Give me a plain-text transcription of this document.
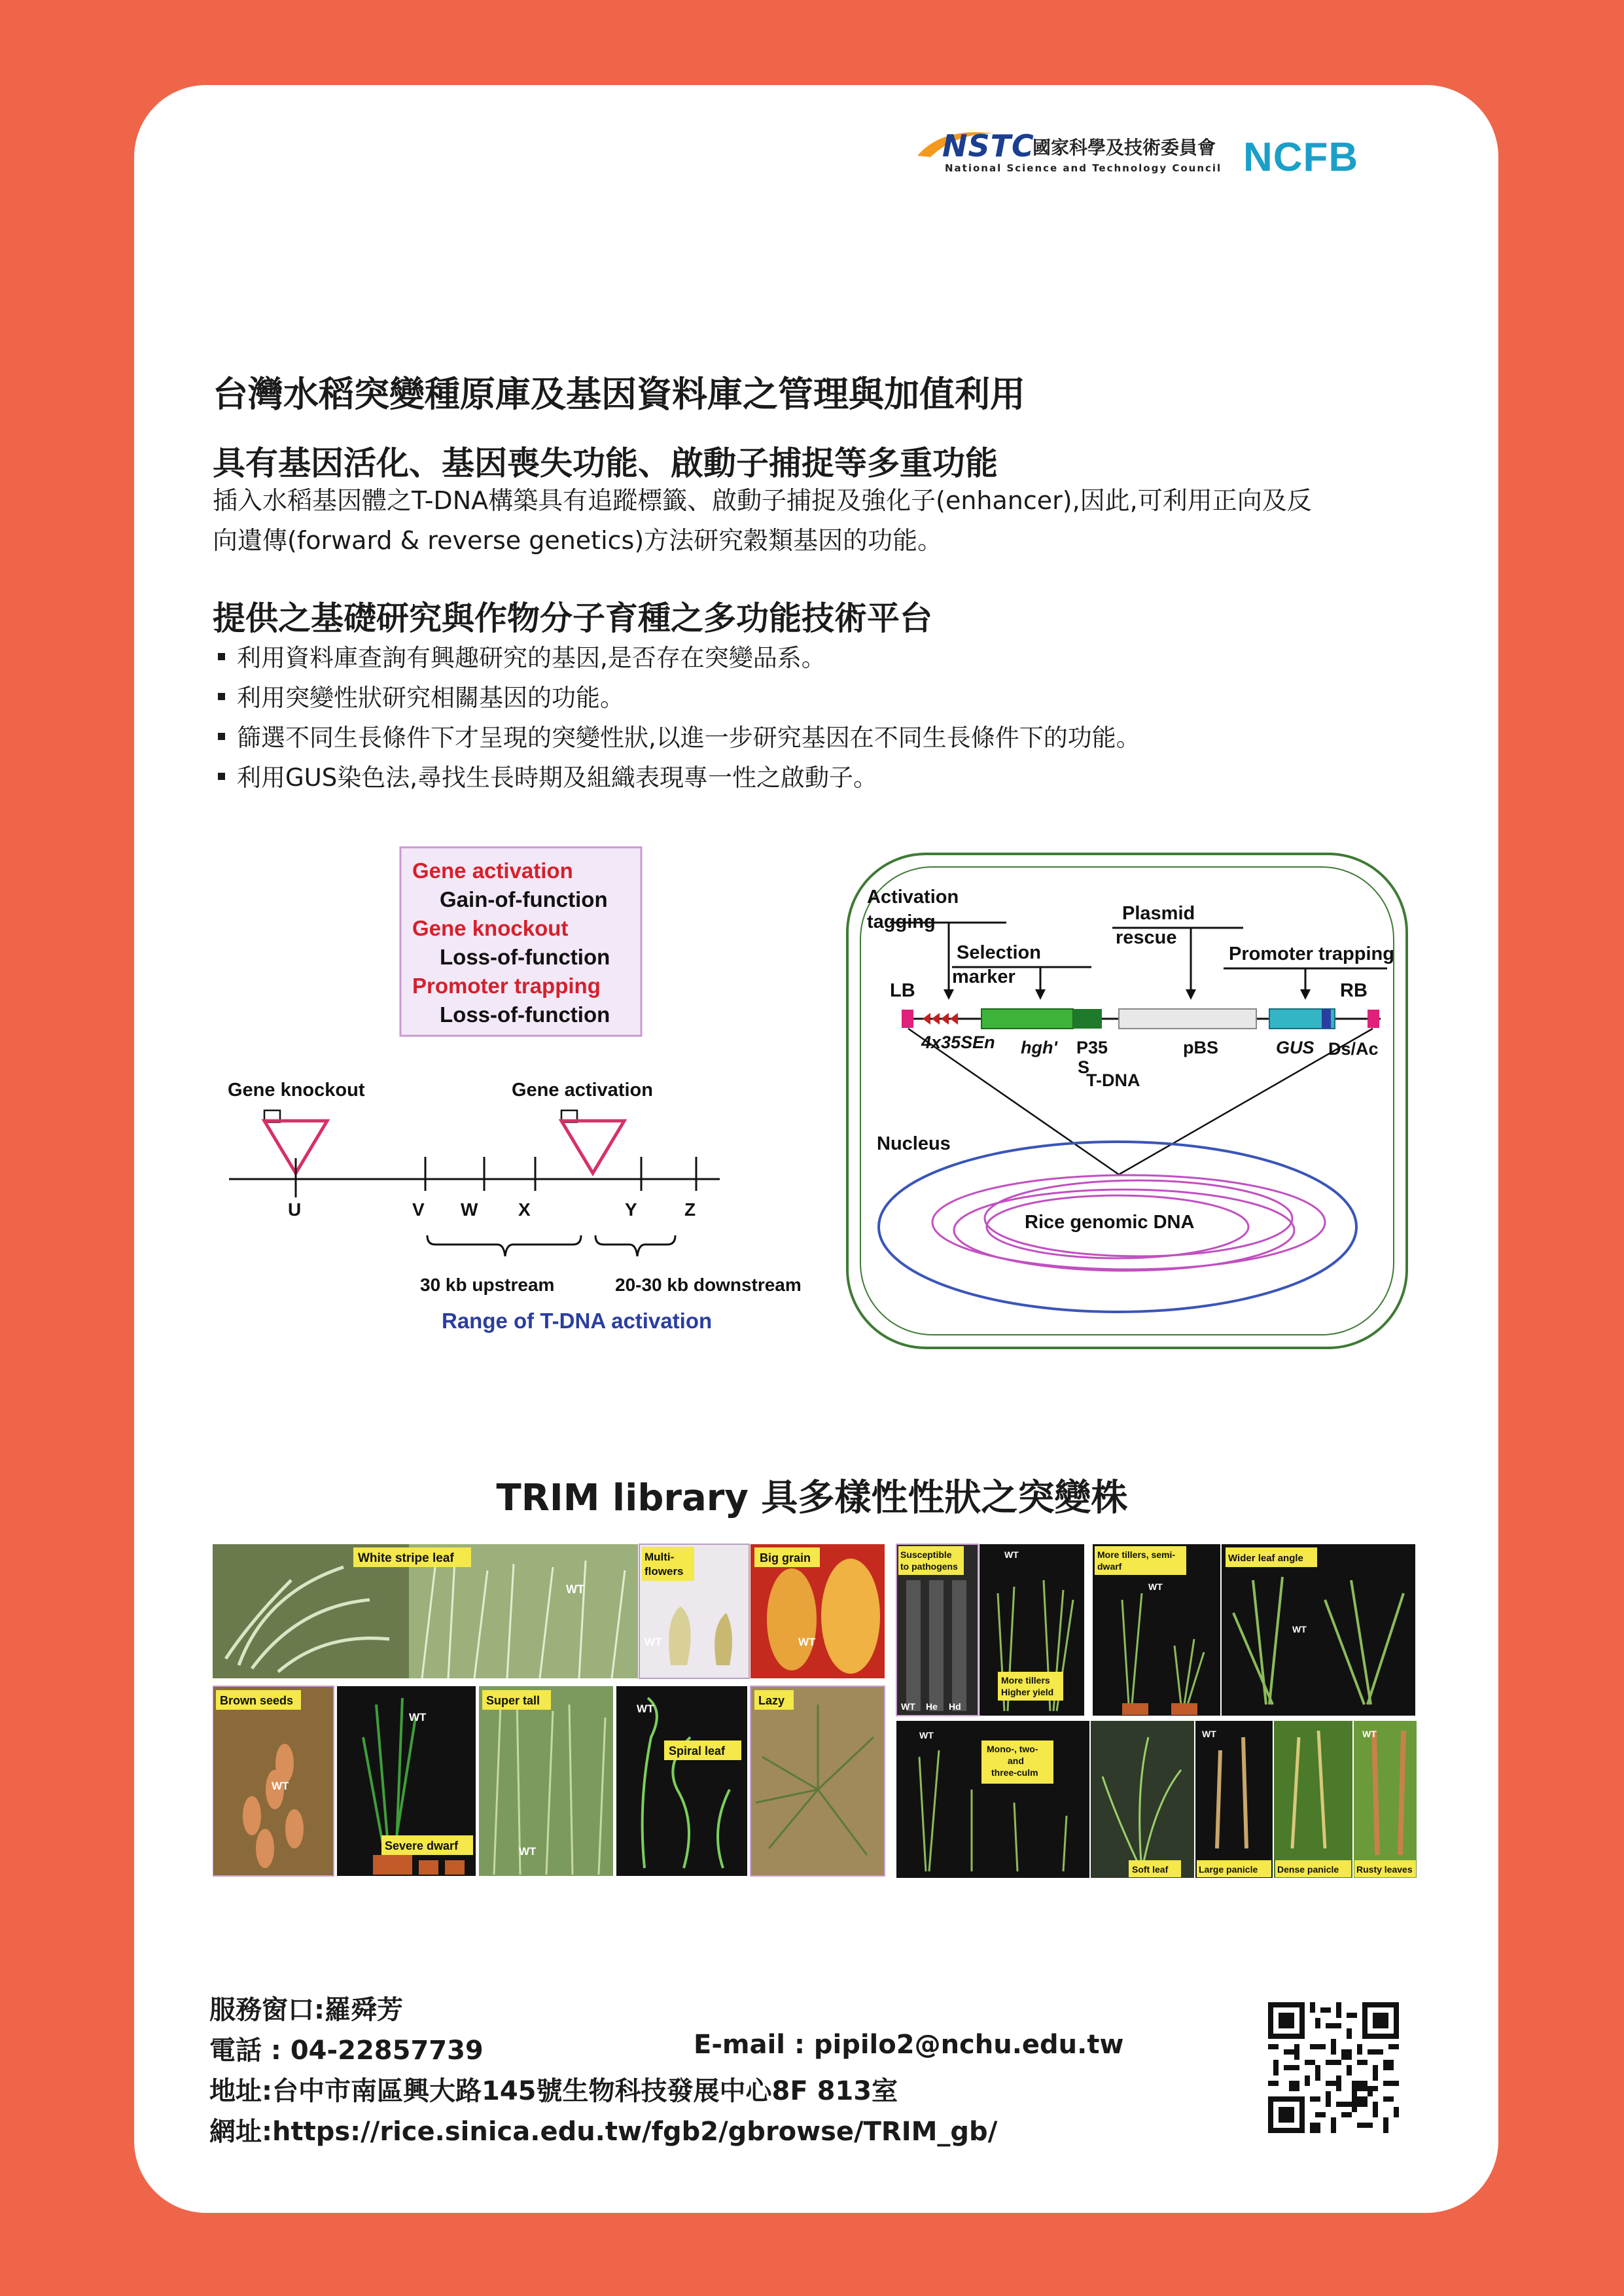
NSTC
國家科學及技術委員會
National Science and Technology Council NCFB
台灣水稻突變種原庫及基因資料庫之管理與加值利用
具有基因活化、基因喪失功能、啟動子捕捉等多重功能
插入水稻基因體之T-DNA構築具有追蹤標籤、啟動子捕捉及強化子(enhancer),因此,可利用正向及反
向遺傳(forward & reverse genetics)方法研究穀類基因的功能。
提供之基礎研究與作物分子育種之多功能技術平台
利用資料庫查詢有興趣研究的基因,是否存在突變品系。
利用突變性狀研究相關基因的功能。
篩選不同生長條件下才呈現的突變性狀,以進一步研究基因在不同生長條件下的功能。
利用GUS染色法,尋找生長時期及組織表現專一性之啟動子。
Gene activation
Gain-of-function
Gene knockout
Loss-of-function
Promoter trapping
Loss-of-function
Gene knockout	Gene activation
U	V W X	Y	Z
30 kb upstream	20-30 kb downstream
Range of T-DNA activation
Activation
tagging
Selection
marker
Plasmid
rescue
Promoter trapping
LB	RB
4x35SEn hgh' P35
S
T-DNA
pBS	GUS Ds/Ac
Nucleus
Rice genomic DNA
TRIM library 具多樣性性狀之突變株
White stripe leaf
WT
Multi-
flowers
WT
Big grain
WT
Brown seeds
WT
Severe dwarf
WT
Super tall
WT
Spiral leaf
WT
Lazy
Susceptible
to pathogens
WT He Hd
WT
More tillers
Higher yield
More tillers, semi-
dwarf
WT
Wider leaf angle
WT
WT
Mono-, two-
and
three-culm
Soft leaf
WT
Large panicle Dense panicle
WT
Rusty leaves
服務窗口:羅舜芳
電話 : 04-22857739	E-mail : pipilo2@nchu.edu.tw
地址:台中市南區興大路145號生物科技發展中心8F 813室
網址:https://rice.sinica.edu.tw/fgb2/gbrowse/TRIM_gb/
